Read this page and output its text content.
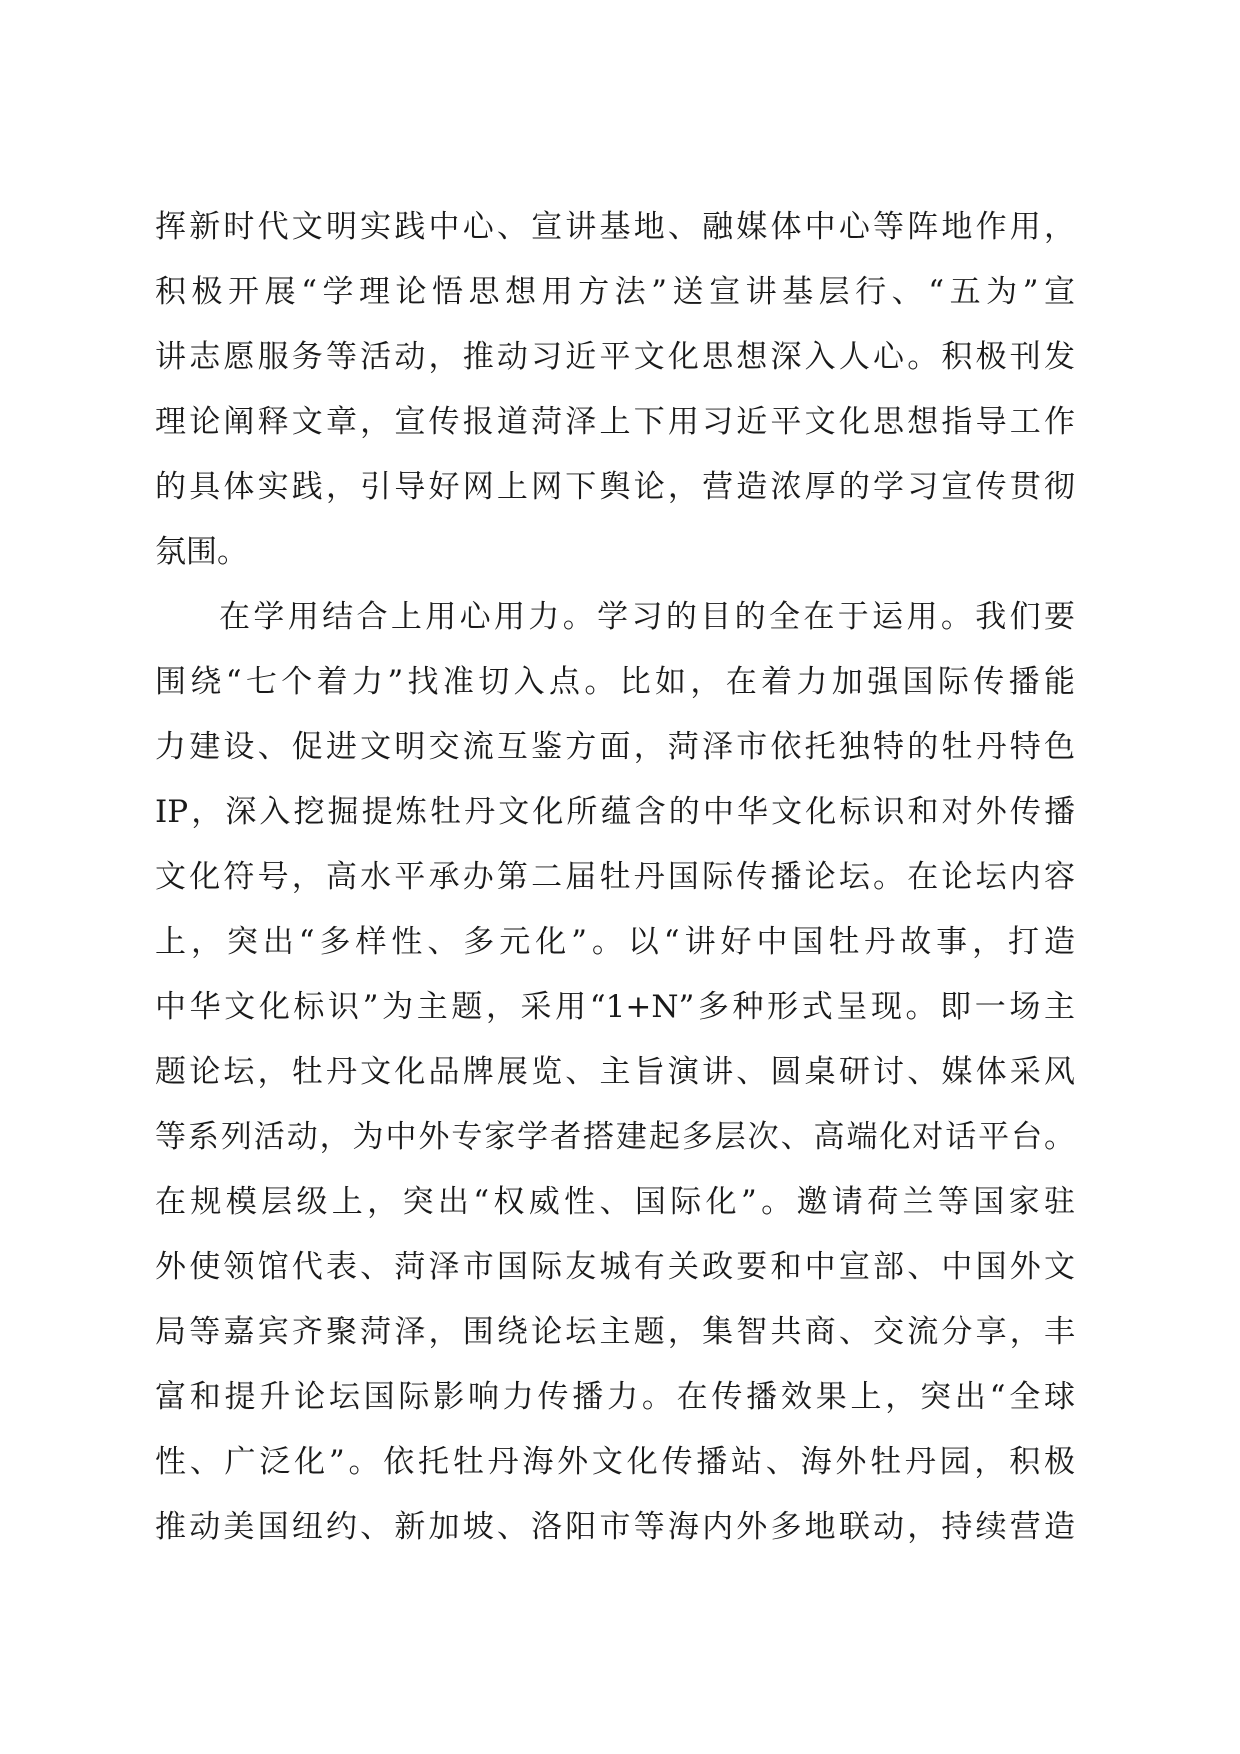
挥新时代文明实践中心、宣讲基地、融媒体中心等阵地作用，
积极开展“学理论悟思想用方法”送宣讲基层行、“五为”宣
讲志愿服务等活动，推动习近平文化思想深入人心。积极刊发
理论阐释文章，宣传报道菏泽上下用习近平文化思想指导工作
的具体实践，引导好网上网下舆论，营造浓厚的学习宣传贯彻
氛围。
在学用结合上用心用力。学习的目的全在于运用。我们要
围绕“七个着力”找准切入点。比如，在着力加强国际传播能
力建设、促进文明交流互鉴方面，菏泽市依托独特的牡丹特色
IP，深入挖掘提炼牡丹文化所蕴含的中华文化标识和对外传播
文化符号，高水平承办第二届牡丹国际传播论坛。在论坛内容
上，突出“多样性、多元化”。以“讲好中国牡丹故事，打造
中华文化标识”为主题，采用“1+N”多种形式呈现。即一场主
题论坛，牡丹文化品牌展览、主旨演讲、圆桌研讨、媒体采风
等系列活动，为中外专家学者搭建起多层次、高端化对话平台。
在规模层级上，突出“权威性、国际化”。邀请荷兰等国家驻
外使领馆代表、菏泽市国际友城有关政要和中宣部、中国外文
局等嘉宾齐聚菏泽，围绕论坛主题，集智共商、交流分享，丰
富和提升论坛国际影响力传播力。在传播效果上，突出“全球
性、广泛化”。依托牡丹海外文化传播站、海外牡丹园，积极
推动美国纽约、新加坡、洛阳市等海内外多地联动，持续营造
